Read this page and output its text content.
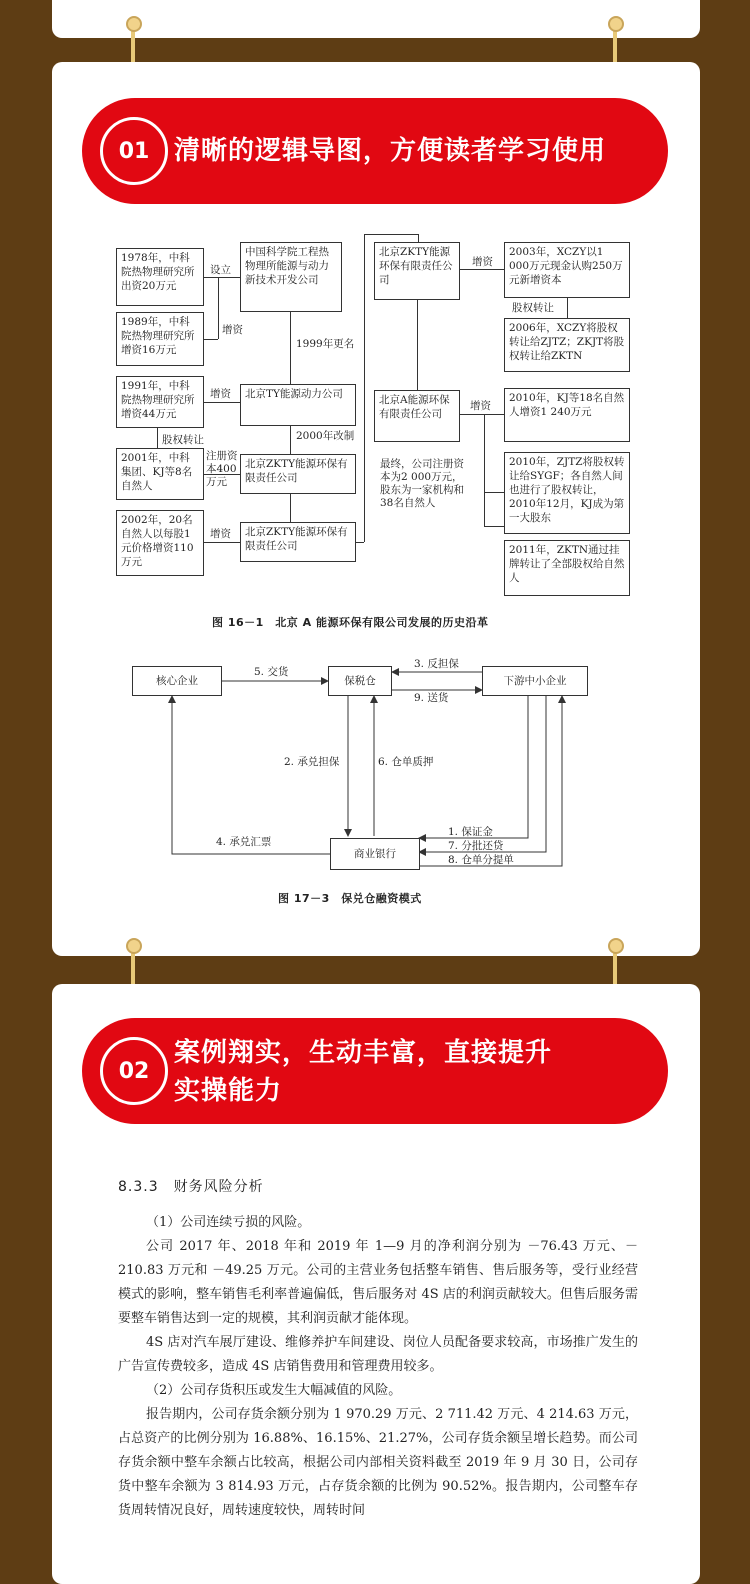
01 清晰的逻辑导图，方便读者学习使用
1978年，中科院热物理研究所出资20万元
1989年，中科院热物理研究所增资16万元
1991年，中科院热物理研究所增资44万元
2001年，中科集团、KJ等8名自然人
2002年，20名自然人以每股1元价格增资110万元
中国科学院工程热物理所能源与动力新技术开发公司
北京TY能源动力公司
北京ZKTY能源环保有限责任公司
北京ZKTY能源环保有限责任公司
北京ZKTY能源环保有限责任公司
北京A能源环保有限责任公司
2003年，XCZY以1 000万元现金认购250万元新增资本
2006年，XCZY将股权转让给ZJTZ；ZKJT将股权转让给ZKTN
2010年，KJ等18名自然人增资1 240万元
2010年，ZJTZ将股权转让给SYGF；各自然人间也进行了股权转让，2010年12月，KJ成为第一大股东
2011年，ZKTN通过挂牌转让了全部股权给自然人
设立
增资
1999年更名
增资
股权转让
注册资本400万元
2000年改制
增资
增资
股权转让
增资
最终，公司注册资本为2 000万元，股东为一家机构和38名自然人
图 16－1　北京 A 能源环保有限公司发展的历史沿革
核心企业	保税仓	下游中小企业
商业银行
5. 交货
3. 反担保
9. 送货
2. 承兑担保	6. 仓单质押
4. 承兑汇票
1. 保证金
7. 分批还贷
8. 仓单分提单
图 17－3　保兑仓融资模式
02
案例翔实，生动丰富，直接提升
实操能力
8.3.3　财务风险分析

（1）公司连续亏损的风险。

公司 2017 年、2018 年和 2019 年 1—9 月的净利润分别为 －76.43 万元、－210.83 万元和 －49.25 万元。公司的主营业务包括整车销售、售后服务等，受行业经营模式的影响，整车销售毛利率普遍偏低，售后服务对 4S 店的利润贡献较大。但售后服务需要整车销售达到一定的规模，其利润贡献才能体现。

4S 店对汽车展厅建设、维修养护车间建设、岗位人员配备要求较高，市场推广发生的广告宣传费较多，造成 4S 店销售费用和管理费用较多。

（2）公司存货积压或发生大幅减值的风险。

报告期内，公司存货余额分别为 1 970.29 万元、2 711.42 万元、4 214.63 万元，占总资产的比例分别为 16.88%、16.15%、21.27%，公司存货余额呈增长趋势。而公司存货余额中整车余额占比较高，根据公司内部相关资料截至 2019 年 9 月 30 日，公司存货中整车余额为 3 814.93 万元，占存货余额的比例为 90.52%。报告期内，公司整车存货周转情况良好，周转速度较快，周转时间
